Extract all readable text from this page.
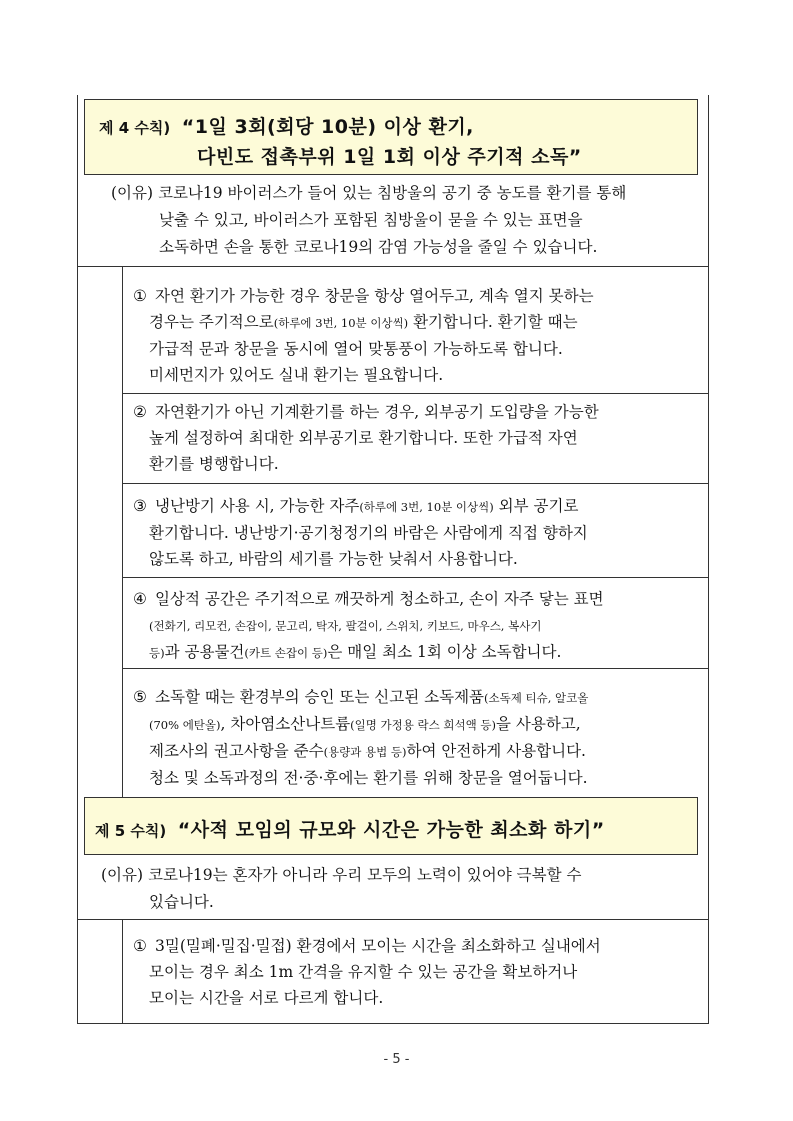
제 4 수칙) “1일 3회(회당 10분) 이상 환기,
다빈도 접촉부위 1일 1회 이상 주기적 소독”
(이유) 코로나19 바이러스가 들어 있는 침방울의 공기 중 농도를 환기를 통해
낮출 수 있고, 바이러스가 포함된 침방울이 묻을 수 있는 표면을
소독하면 손을 통한 코로나19의 감염 가능성을 줄일 수 있습니다.
① 자연 환기가 가능한 경우 창문을 항상 열어두고, 계속 열지 못하는
경우는 주기적으로(하루에 3번, 10분 이상씩) 환기합니다. 환기할 때는
가급적 문과 창문을 동시에 열어 맞통풍이 가능하도록 합니다.
미세먼지가 있어도 실내 환기는 필요합니다.
② 자연환기가 아닌 기계환기를 하는 경우, 외부공기 도입량을 가능한
높게 설정하여 최대한 외부공기로 환기합니다. 또한 가급적 자연
환기를 병행합니다.
③ 냉난방기 사용 시, 가능한 자주(하루에 3번, 10분 이상씩) 외부 공기로
환기합니다. 냉난방기·공기청정기의 바람은 사람에게 직접 향하지
않도록 하고, 바람의 세기를 가능한 낮춰서 사용합니다.
④ 일상적 공간은 주기적으로 깨끗하게 청소하고, 손이 자주 닿는 표면
(전화기, 리모컨, 손잡이, 문고리, 탁자, 팔걸이, 스위치, 키보드, 마우스, 복사기
등)과 공용물건(카트 손잡이 등)은 매일 최소 1회 이상 소독합니다.
⑤ 소독할 때는 환경부의 승인 또는 신고된 소독제품(소독제 티슈, 알코올
(70% 에탄올), 차아염소산나트륨(일명 가정용 락스 희석액 등)을 사용하고,
제조사의 권고사항을 준수(용량과 용법 등)하여 안전하게 사용합니다.
청소 및 소독과정의 전·중·후에는 환기를 위해 창문을 열어둡니다.
제 5 수칙) “사적 모임의 규모와 시간은 가능한 최소화 하기”
(이유) 코로나19는 혼자가 아니라 우리 모두의 노력이 있어야 극복할 수
있습니다.
① 3밀(밀폐·밀집·밀접) 환경에서 모이는 시간을 최소화하고 실내에서
모이는 경우 최소 1m 간격을 유지할 수 있는 공간을 확보하거나
모이는 시간을 서로 다르게 합니다.
- 5 -
